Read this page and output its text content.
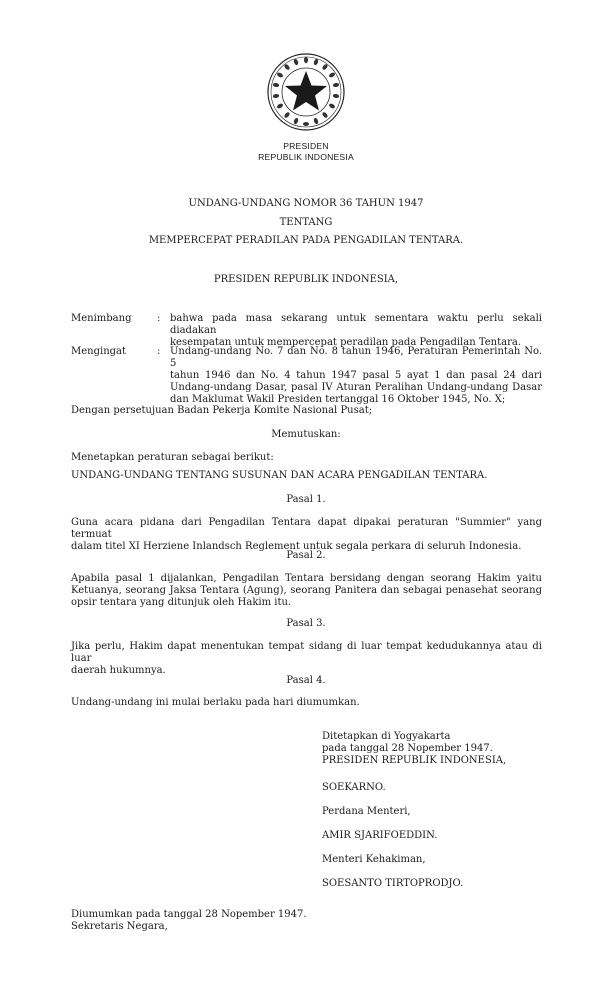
PRESIDEN
REPUBLIK INDONESIA
UNDANG-UNDANG NOMOR 36 TAHUN 1947
TENTANG
MEMPERCEPAT PERADILAN PADA PENGADILAN TENTARA.
PRESIDEN REPUBLIK INDONESIA,
Menimbang	: bahwa pada masa sekarang untuk sementara waktu perlu sekali diadakan
kesempatan untuk mempercepat peradilan pada Pengadilan Tentara.
Mengingat	: Undang-undang No. 7 dan No. 8 tahun 1946, Peraturan Pemerintah No. 5
tahun 1946 dan No. 4 tahun 1947 pasal 5 ayat 1 dan pasal 24 dari
Undang-undang Dasar, pasal IV Aturan Peralihan Undang-undang Dasar
dan Maklumat Wakil Presiden tertanggal 16 Oktober 1945, No. X;
Dengan persetujuan Badan Pekerja Komite Nasional Pusat;
Memutuskan:
Menetapkan peraturan sebagai berikut:
UNDANG-UNDANG TENTANG SUSUNAN DAN ACARA PENGADILAN TENTARA.
Pasal 1.
Guna acara pidana dari Pengadilan Tentara dapat dipakai peraturan "Summier" yang termuat
dalam titel XI Herziene Inlandsch Reglement untuk segala perkara di seluruh Indonesia.
Pasal 2.
Apabila pasal 1 dijalankan, Pengadilan Tentara bersidang dengan seorang Hakim yaitu
Ketuanya, seorang Jaksa Tentara (Agung), seorang Panitera dan sebagai penasehat seorang
opsir tentara yang ditunjuk oleh Hakim itu.
Pasal 3.
Jika perlu, Hakim dapat menentukan tempat sidang di luar tempat kedudukannya atau di luar
daerah hukumnya.
Pasal 4.
Undang-undang ini mulai berlaku pada hari diumumkan.
Ditetapkan di Yogyakarta
pada tanggal 28 Nopember 1947.
PRESIDEN REPUBLIK INDONESIA,
SOEKARNO.
Perdana Menteri,
AMIR SJARIFOEDDIN.
Menteri Kehakiman,
SOESANTO TIRTOPRODJO.
Diumumkan pada tanggal 28 Nopember 1947.
Sekretaris Negara,
